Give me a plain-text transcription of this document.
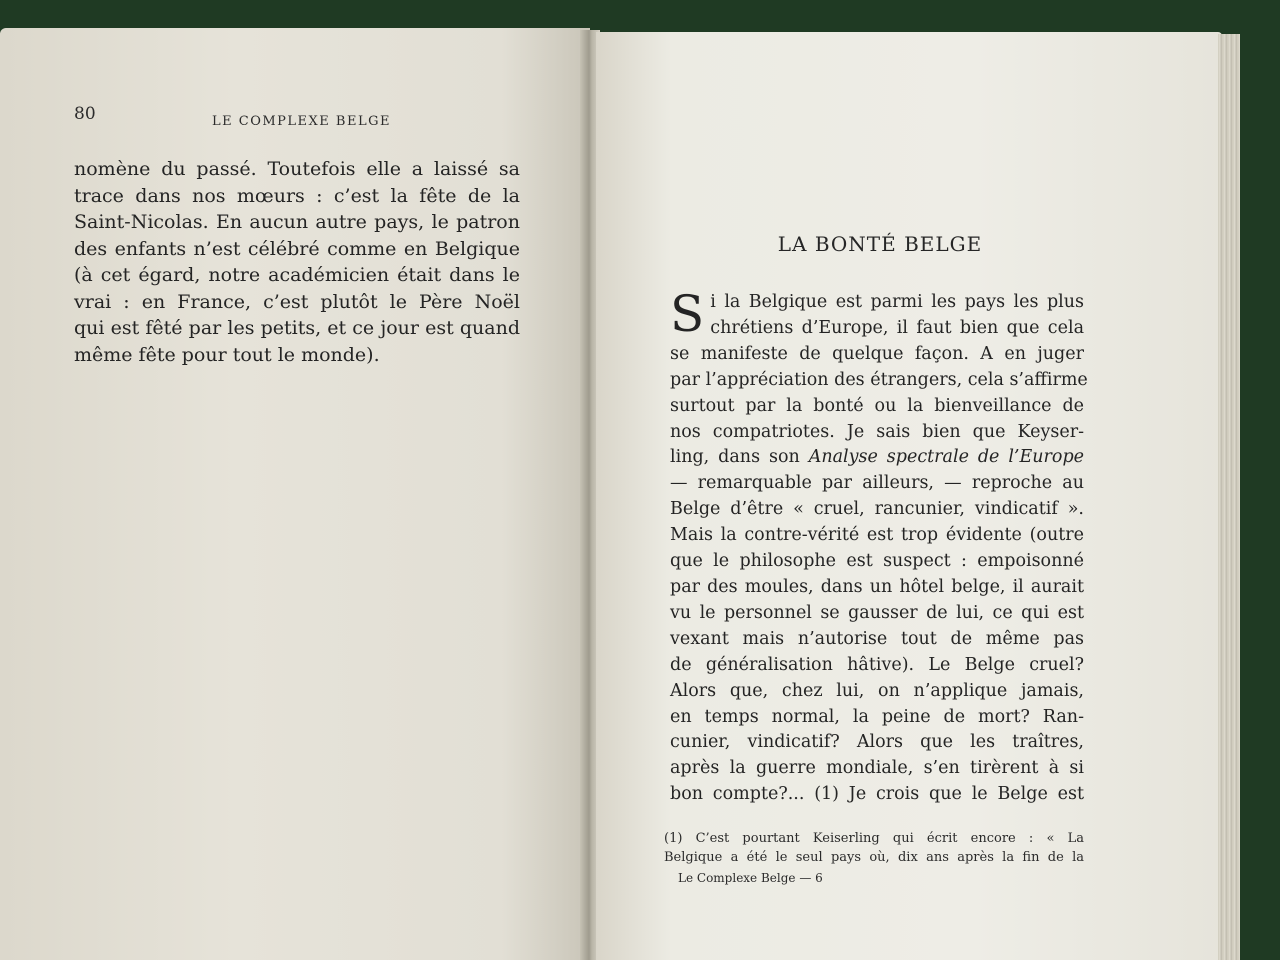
80	LE COMPLEXE BELGE

nomène du passé. Toutefois elle a laissé sa
trace dans nos mœurs : c’est la fête de la
Saint-Nicolas. En aucun autre pays, le patron
des enfants n’est célébré comme en Belgique
(à cet égard, notre académicien était dans le
vrai : en France, c’est plutôt le Père Noël
qui est fêté par les petits, et ce jour est quand
même fête pour tout le monde).

LA BONTÉ BELGE

S i la Belgique est parmi les pays les plus
chrétiens d’Europe, il faut bien que cela
se manifeste de quelque façon. A en juger
par l’appréciation des étrangers, cela s’affirme
surtout par la bonté ou la bienveillance de
nos compatriotes. Je sais bien que Keyser-
ling, dans son Analyse spectrale de l’Europe
— remarquable par ailleurs, — reproche au
Belge d’être « cruel, rancunier, vindicatif ».
Mais la contre-vérité est trop évidente (outre
que le philosophe est suspect : empoisonné
par des moules, dans un hôtel belge, il aurait
vu le personnel se gausser de lui, ce qui est
vexant mais n’autorise tout de même pas
de généralisation hâtive). Le Belge cruel?
Alors que, chez lui, on n’applique jamais,
en temps normal, la peine de mort? Ran-
cunier, vindicatif? Alors que les traîtres,
après la guerre mondiale, s’en tirèrent à si
bon compte?... (1) Je crois que le Belge est

(1) C’est pourtant Keiserling qui écrit encore : « La
Belgique a été le seul pays où, dix ans après la fin de la

Le Complexe Belge — 6
